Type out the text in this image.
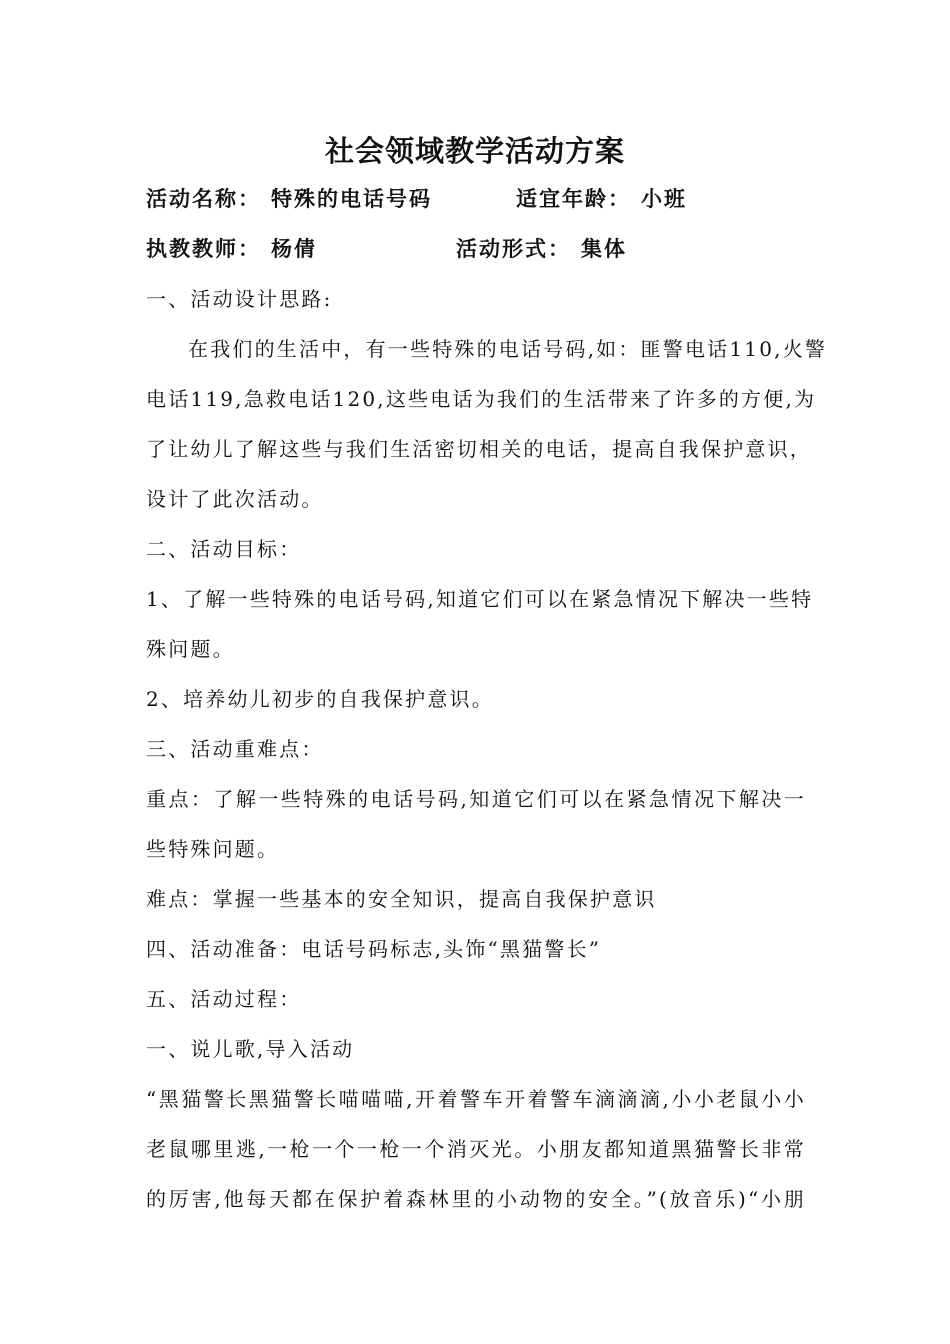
社会领域教学活动方案
活动名称： 特殊的电话号码	适宜年龄： 小班
执教教师： 杨倩	活动形式： 集体
一、活动设计思路:
在我们的生活中，有一些特殊的电话号码,如：匪警电话110,火警
电话119,急救电话120,这些电话为我们的生活带来了许多的方便,为
了让幼儿了解这些与我们生活密切相关的电话，提高自我保护意识，
设计了此次活动。
二、活动目标：
1、了解一些特殊的电话号码,知道它们可以在紧急情况下解决一些特
殊问题。
2、培养幼儿初步的自我保护意识。
三、活动重难点：
重点：了解一些特殊的电话号码,知道它们可以在紧急情况下解决一
些特殊问题。
难点：掌握一些基本的安全知识，提高自我保护意识
四、活动准备：电话号码标志,头饰“黑猫警长”
五、活动过程：
一、说儿歌,导入活动
“黑猫警长黑猫警长喵喵喵,开着警车开着警车滴滴滴,小小老鼠小小
老鼠哪里逃,一枪一个一枪一个消灭光。小朋友都知道黑猫警长非常
的厉害,他每天都在保护着森林里的小动物的安全。”(放音乐)“小朋
